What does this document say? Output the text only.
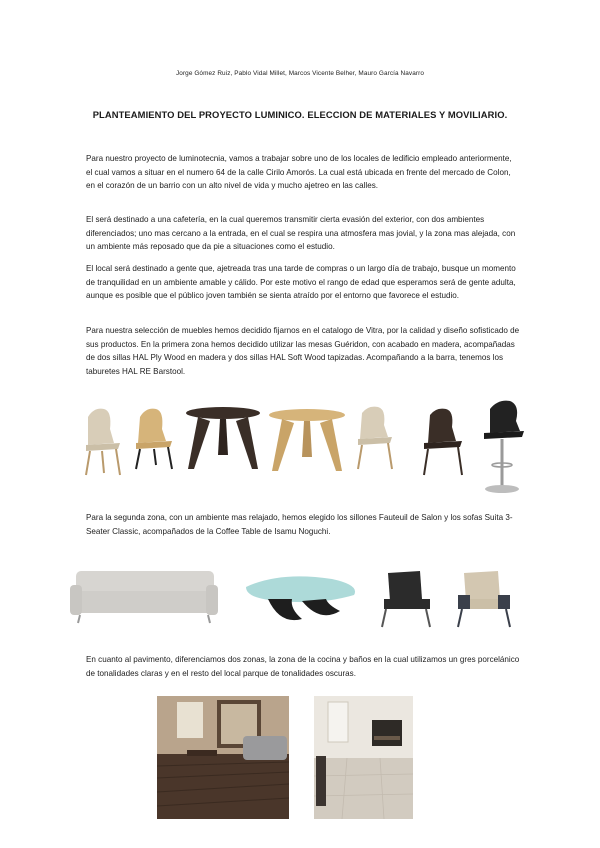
Jorge Gómez Ruiz, Pablo Vidal Millet, Marcos Vicente Belher, Mauro García Navarro
PLANTEAMIENTO DEL PROYECTO LUMINICO. ELECCION DE MATERIALES Y MOVILIARIO.
Para nuestro proyecto de luminotecnia, vamos a trabajar sobre uno de los locales de ledificio empleado anteriormente, el cual vamos a situar en el numero 64 de la calle Cirilo Amorós. La cual está ubicada en frente del mercado de Colon, en el corazón de un barrio con un alto nivel de vida y mucho ajetreo en las calles.
El será destinado a una cafetería, en la cual queremos transmitir cierta evasión del exterior, con dos ambientes diferenciados; uno mas cercano a la entrada, en el cual se respira una atmosfera mas jovial, y la zona mas alejada, con un ambiente más reposado que da pie a situaciones como el estudio.
El local será destinado a gente que, ajetreada tras una tarde de compras o un largo día de trabajo, busque un momento de tranquilidad en un ambiente amable y cálido. Por este motivo el rango de edad que esperamos será de gente adulta, aunque es posible que el público joven también se sienta atraído por el entorno que favorece el estudio.
Para nuestra selección de muebles hemos decidido fijarnos en el catalogo de Vitra, por la calidad y diseño sofisticado de sus productos. En la primera zona hemos decidido utilizar las mesas Guéridon, con acabado en madera, acompañadas de dos sillas HAL Ply Wood en madera y dos sillas HAL Soft Wood tapizadas. Acompañando a la barra, tenemos los taburetes HAL RE Barstool.
Para la segunda zona, con un ambiente mas relajado, hemos elegido los sillones Fauteuil de Salon y los sofas Suita 3-Seater Classic, acompañados de la Coffee Table de Isamu Noguchi.
En cuanto al pavimento, diferenciamos dos zonas, la zona de la cocina y baños en la cual utilizamos un gres porcelánico de tonalidades claras y en el resto del local parque de tonalidades oscuras.
